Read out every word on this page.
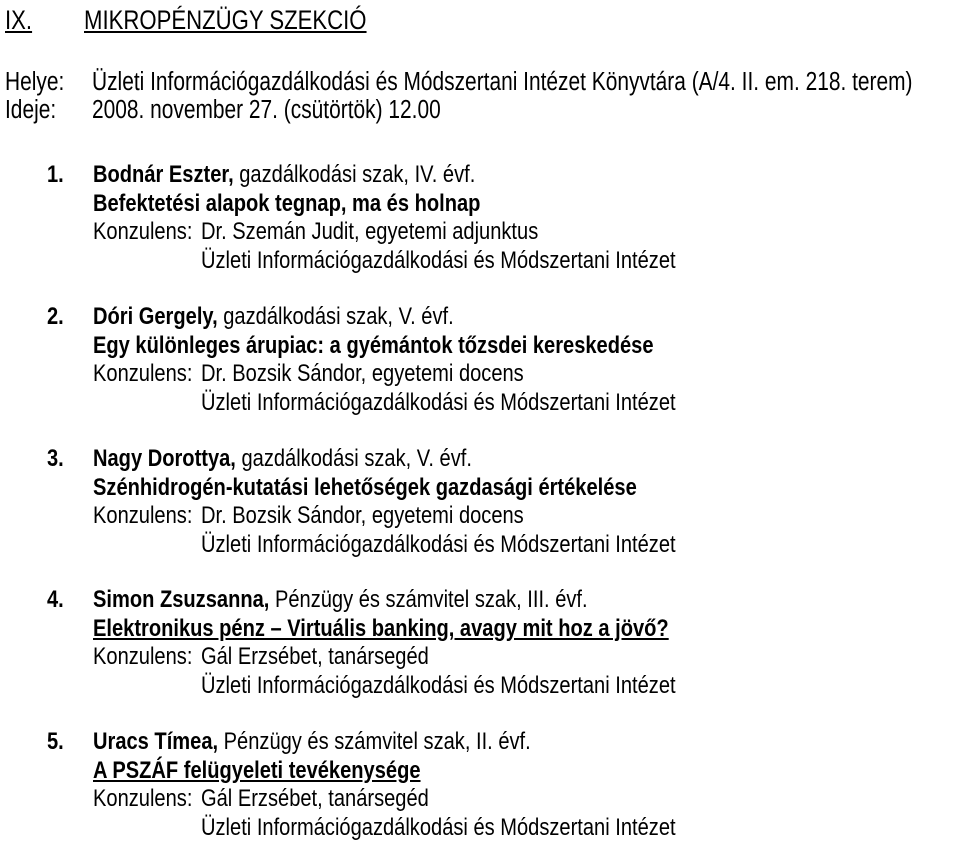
IX. MIKROPÉNZÜGY SZEKCIÓ
Helye: Üzleti Információgazdálkodási és Módszertani Intézet Könyvtára (A/4. II. em. 218. terem)
Ideje: 2008. november 27. (csütörtök) 12.00
1. Bodnár Eszter, gazdálkodási szak, IV. évf.
Befektetési alapok tegnap, ma és holnap
Konzulens: Dr. Szemán Judit, egyetemi adjunktus
Üzleti Információgazdálkodási és Módszertani Intézet
2. Dóri Gergely, gazdálkodási szak, V. évf.
Egy különleges árupiac: a gyémántok tőzsdei kereskedése
Konzulens: Dr. Bozsik Sándor, egyetemi docens
Üzleti Információgazdálkodási és Módszertani Intézet
3. Nagy Dorottya, gazdálkodási szak, V. évf.
Szénhidrogén-kutatási lehetőségek gazdasági értékelése
Konzulens: Dr. Bozsik Sándor, egyetemi docens
Üzleti Információgazdálkodási és Módszertani Intézet
4. Simon Zsuzsanna, Pénzügy és számvitel szak, III. évf.
Elektronikus pénz – Virtuális banking, avagy mit hoz a jövő?
Konzulens: Gál Erzsébet, tanársegéd
Üzleti Információgazdálkodási és Módszertani Intézet
5. Uracs Tímea, Pénzügy és számvitel szak, II. évf.
A PSZÁF felügyeleti tevékenysége
Konzulens: Gál Erzsébet, tanársegéd
Üzleti Információgazdálkodási és Módszertani Intézet
